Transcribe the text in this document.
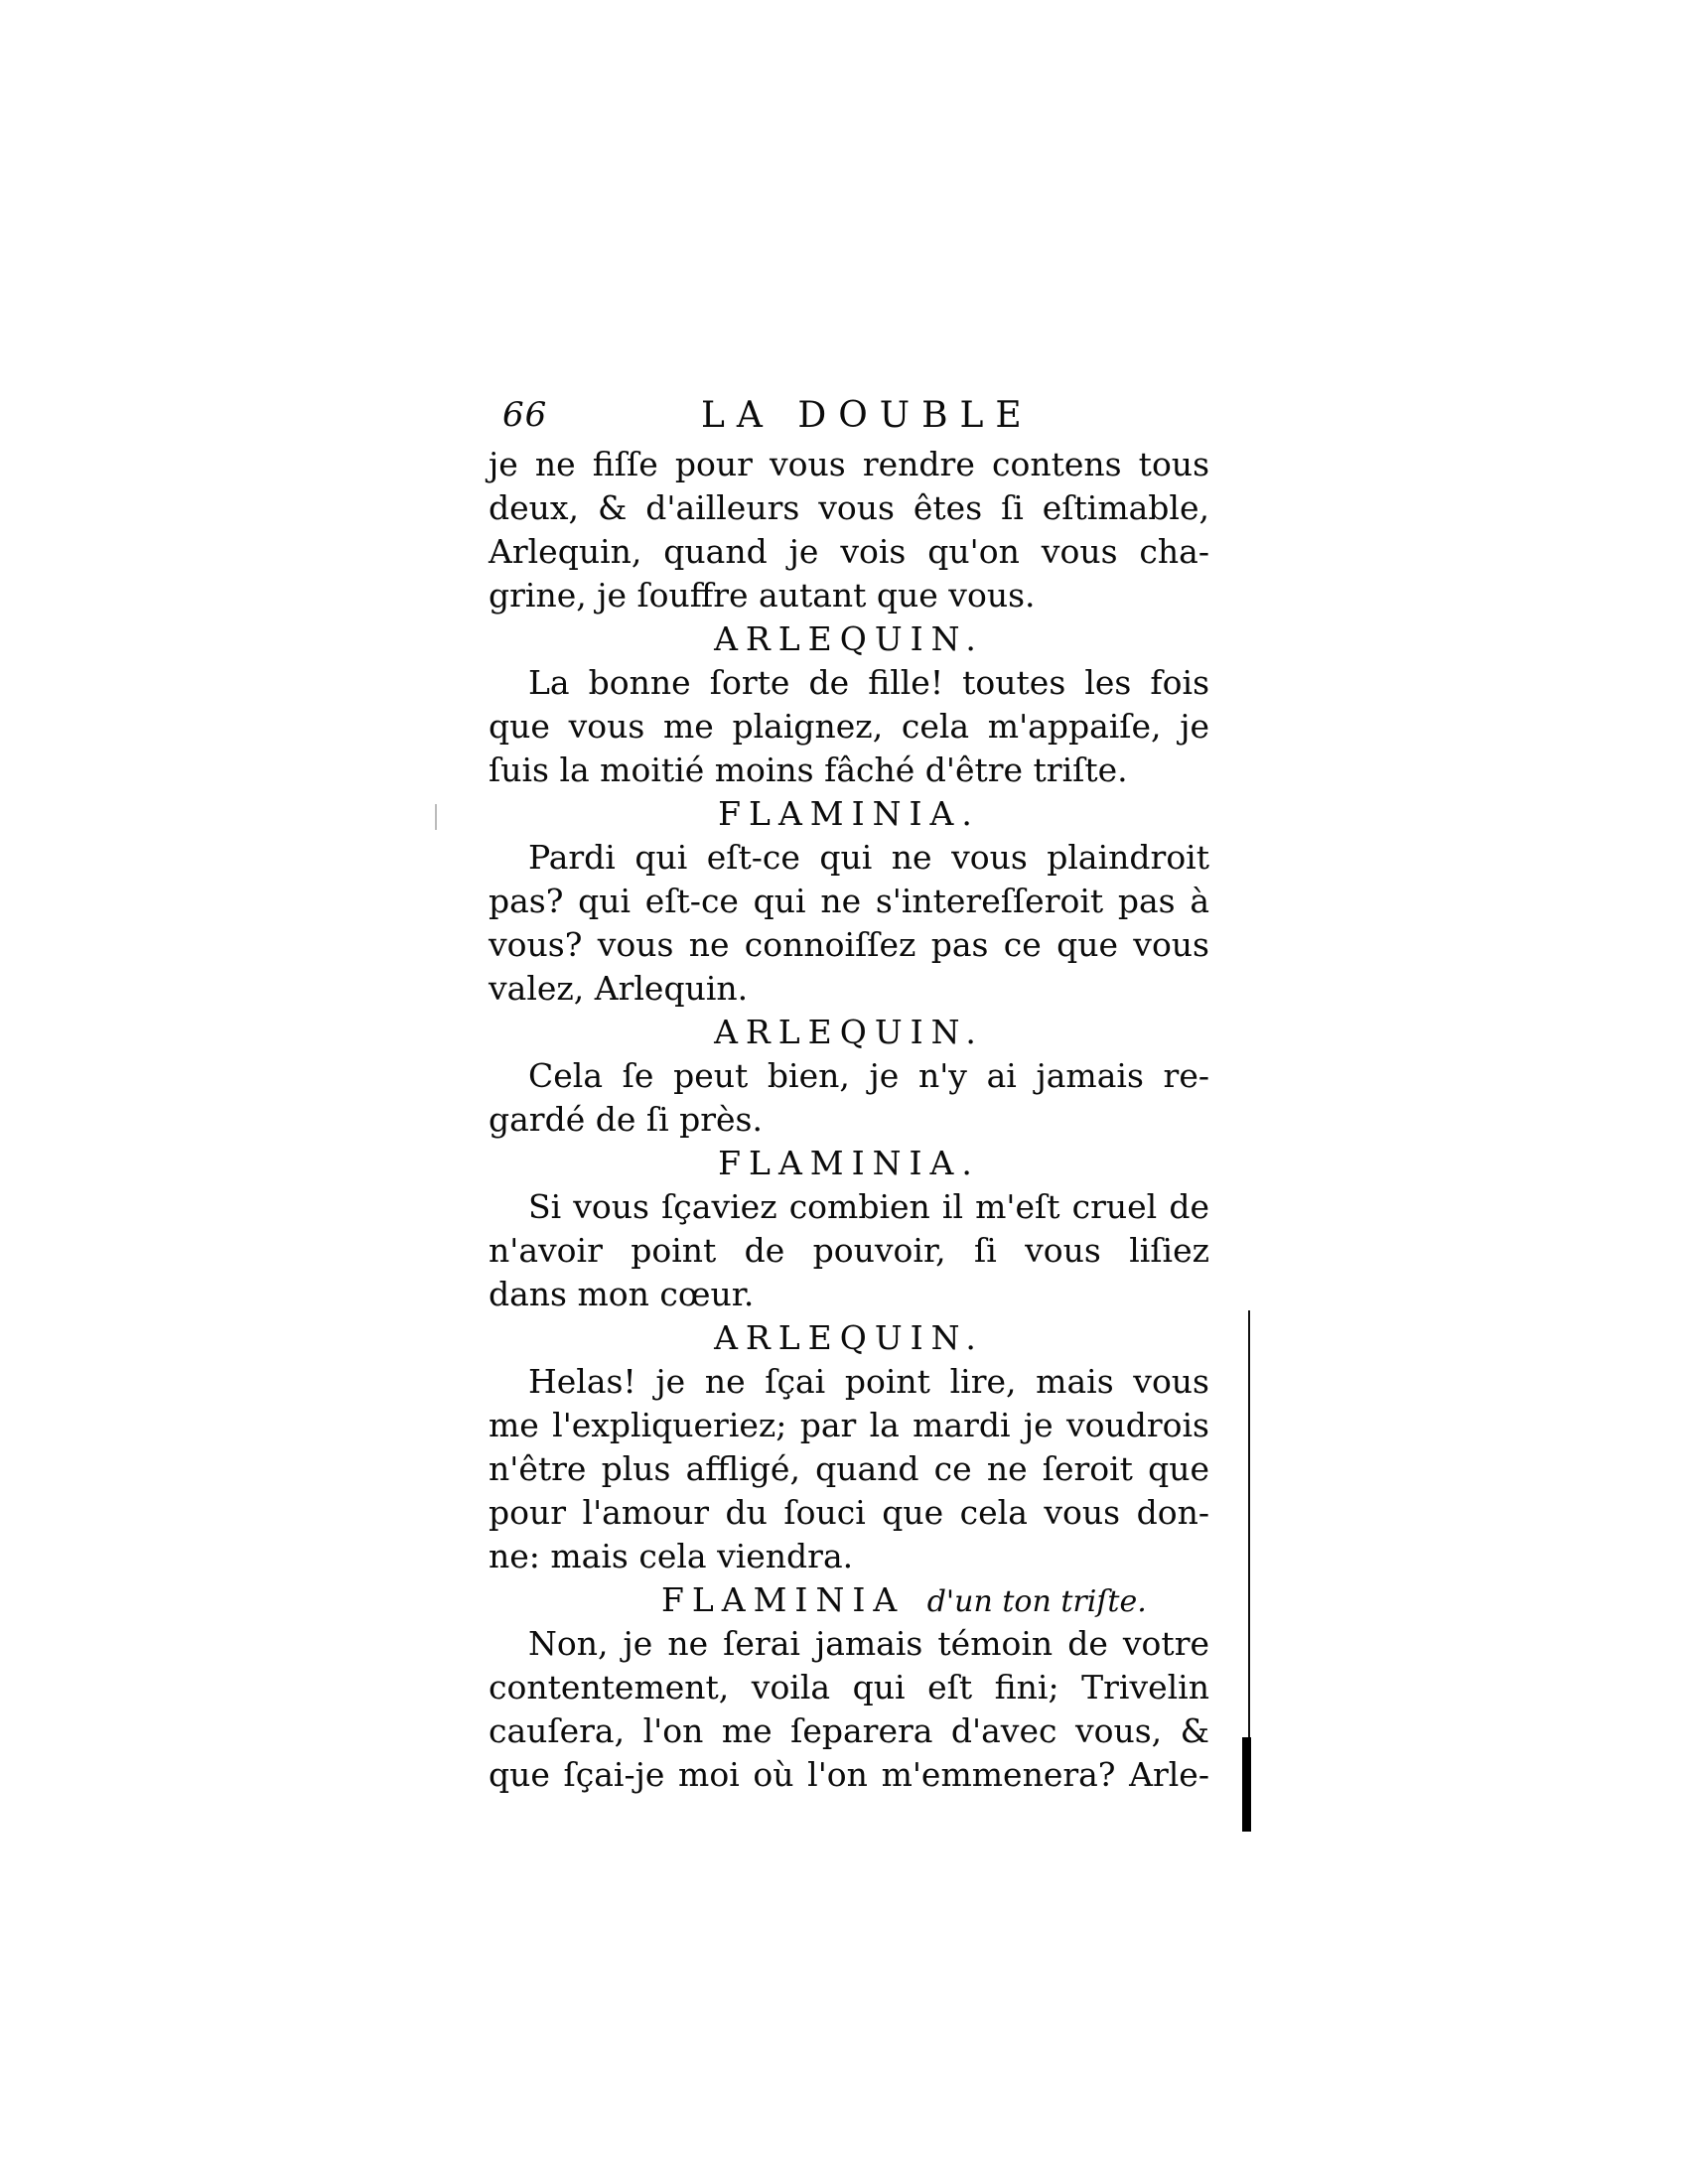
66	LA DOUBLE
je ne fiſſe pour vous rendre contens tous
deux, & d'ailleurs vous êtes ſi eſtimable,
Arlequin, quand je vois qu'on vous cha-
grine, je ſouffre autant que vous.
ARLEQUIN.
La bonne ſorte de fille! toutes les fois
que vous me plaignez, cela m'appaiſe, je
ſuis la moitié moins fâché d'être triſte.
FLAMINIA.
Pardi qui eſt-ce qui ne vous plaindroit
pas? qui eſt-ce qui ne s'intereſſeroit pas à
vous? vous ne connoiſſez pas ce que vous
valez, Arlequin.
ARLEQUIN.
Cela ſe peut bien, je n'y ai jamais re-
gardé de ſi près.
FLAMINIA.
Si vous ſçaviez combien il m'eſt cruel de
n'avoir point de pouvoir, ſi vous liſiez
dans mon cœur.
ARLEQUIN.
Helas! je ne ſçai point lire, mais vous
me l'expliqueriez; par la mardi je voudrois
n'être plus affligé, quand ce ne ſeroit que
pour l'amour du ſouci que cela vous don-
ne: mais cela viendra.
FLAMINIA d'un ton triſte.
Non, je ne ſerai jamais témoin de votre
contentement, voila qui eſt fini; Trivelin
cauſera, l'on me ſeparera d'avec vous, &
que ſçai-je moi où l'on m'emmenera? Arle-
